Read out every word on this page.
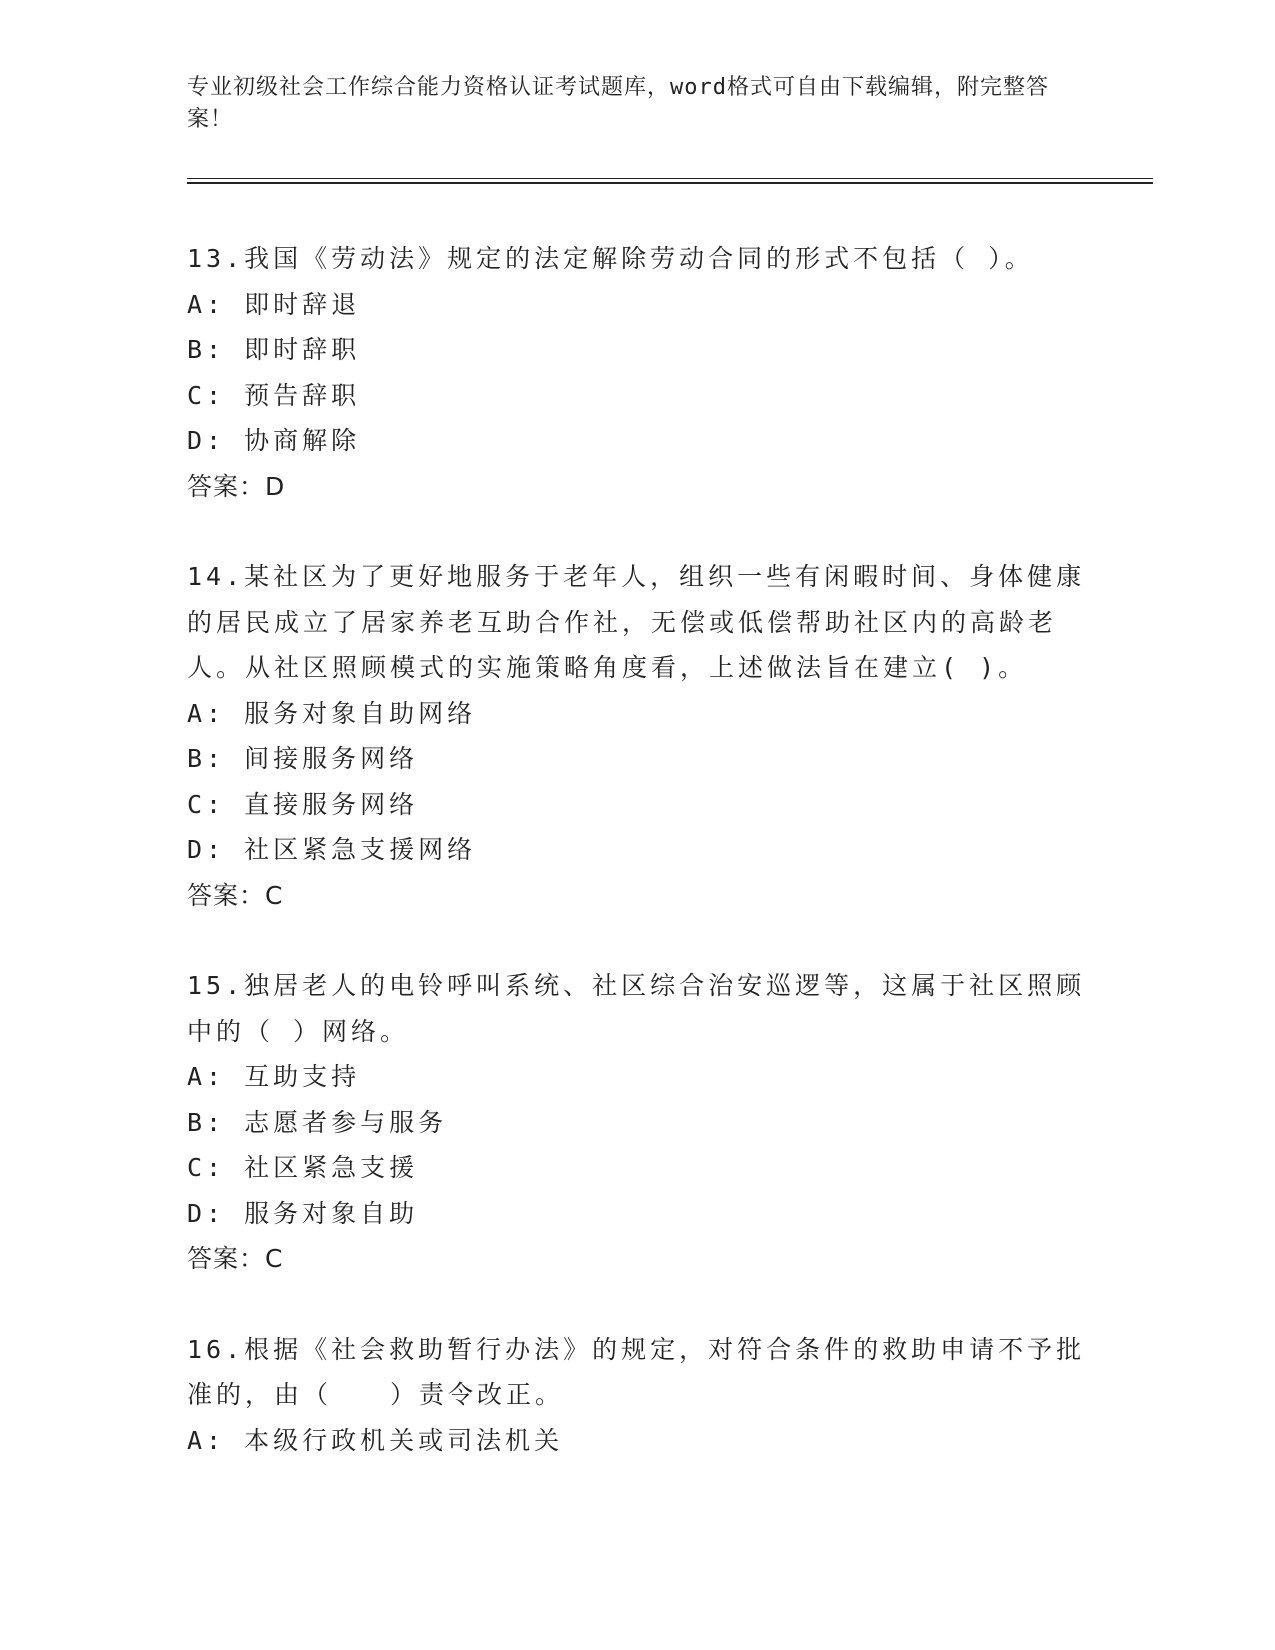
专业初级社会工作综合能力资格认证考试题库，word格式可自由下载编辑，附完整答案！

13.我国《劳动法》规定的法定解除劳动合同的形式不包括（ ）。

A: 即时辞退

B: 即时辞职

C: 预告辞职

D: 协商解除

答案：D

14.某社区为了更好地服务于老年人，组织一些有闲暇时间、身体健康的居民成立了居家养老互助合作社，无偿或低偿帮助社区内的高龄老人。从社区照顾模式的实施策略角度看，上述做法旨在建立( )。

A: 服务对象自助网络

B: 间接服务网络

C: 直接服务网络

D: 社区紧急支援网络

答案：C

15.独居老人的电铃呼叫系统、社区综合治安巡逻等，这属于社区照顾中的（ ）网络。

A: 互助支持

B: 志愿者参与服务

C: 社区紧急支援

D: 服务对象自助

答案：C

16.根据《社会救助暂行办法》的规定，对符合条件的救助申请不予批准的，由（　　）责令改正。

A: 本级行政机关或司法机关
